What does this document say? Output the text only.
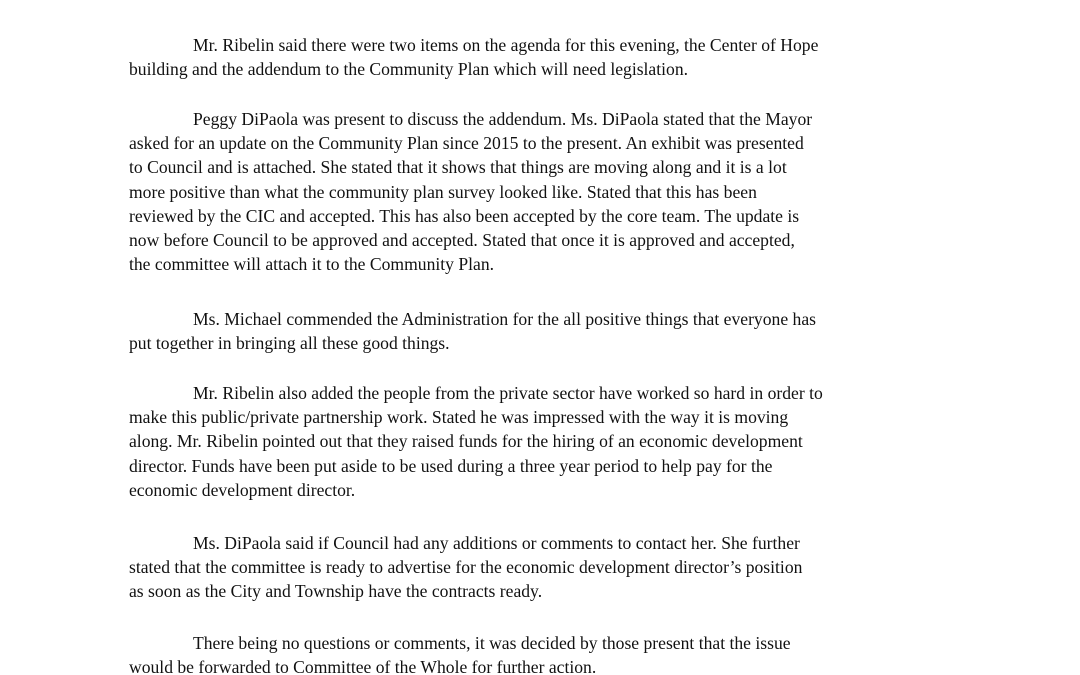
Mr. Ribelin said there were two items on the agenda for this evening, the Center of Hope
building and the addendum to the Community Plan which will need legislation.

Peggy DiPaola was present to discuss the addendum. Ms. DiPaola stated that the Mayor
asked for an update on the Community Plan since 2015 to the present. An exhibit was presented
to Council and is attached. She stated that it shows that things are moving along and it is a lot
more positive than what the community plan survey looked like. Stated that this has been
reviewed by the CIC and accepted. This has also been accepted by the core team. The update is
now before Council to be approved and accepted. Stated that once it is approved and accepted,
the committee will attach it to the Community Plan.

Ms. Michael commended the Administration for the all positive things that everyone has
put together in bringing all these good things.

Mr. Ribelin also added the people from the private sector have worked so hard in order to
make this public/private partnership work. Stated he was impressed with the way it is moving
along. Mr. Ribelin pointed out that they raised funds for the hiring of an economic development
director. Funds have been put aside to be used during a three year period to help pay for the
economic development director.

Ms. DiPaola said if Council had any additions or comments to contact her. She further
stated that the committee is ready to advertise for the economic development director’s position
as soon as the City and Township have the contracts ready.

There being no questions or comments, it was decided by those present that the issue
would be forwarded to Committee of the Whole for further action.
